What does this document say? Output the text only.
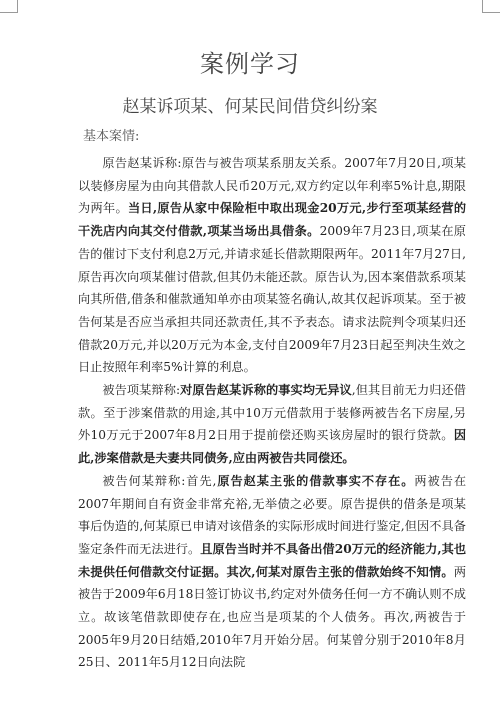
案例学习
赵某诉项某、何某民间借贷纠纷案
基本案情:

原告赵某诉称:原告与被告项某系朋友关系。2007年7月20日,项某以装修房屋为由向其借款人民币20万元,双方约定以年利率5%计息,期限为两年。当日,原告从家中保险柜中取出现金20万元,步行至项某经营的干洗店内向其交付借款,项某当场出具借条。2009年7月23日,项某在原告的催讨下支付利息2万元,并请求延长借款期限两年。2011年7月27日,原告再次向项某催讨借款,但其仍未能还款。原告认为,因本案借款系项某向其所借,借条和催款通知单亦由项某签名确认,故其仅起诉项某。至于被告何某是否应当承担共同还款责任,其不予表态。请求法院判令项某归还借款20万元,并以20万元为本金,支付自2009年7月23日起至判决生效之日止按照年利率5%计算的利息。

被告项某辩称:对原告赵某诉称的事实均无异议,但其目前无力归还借款。至于涉案借款的用途,其中10万元借款用于装修两被告名下房屋,另外10万元于2007年8月2日用于提前偿还购买该房屋时的银行贷款。因此,涉案借款是夫妻共同债务,应由两被告共同偿还。

被告何某辩称:首先,原告赵某主张的借款事实不存在。两被告在2007年期间自有资金非常充裕,无举债之必要。原告提供的借条是项某事后伪造的,何某原已申请对该借条的实际形成时间进行鉴定,但因不具备鉴定条件而无法进行。且原告当时并不具备出借20万元的经济能力,其也未提供任何借款交付证据。其次,何某对原告主张的借款始终不知情。两被告于2009年6月18日签订协议书,约定对外债务任何一方不确认则不成立。故该笔借款即使存在,也应当是项某的个人债务。再次,两被告于2005年9月20日结婚,2010年7月开始分居。何某曾分别于2010年8月25日、2011年5月12日向法院
